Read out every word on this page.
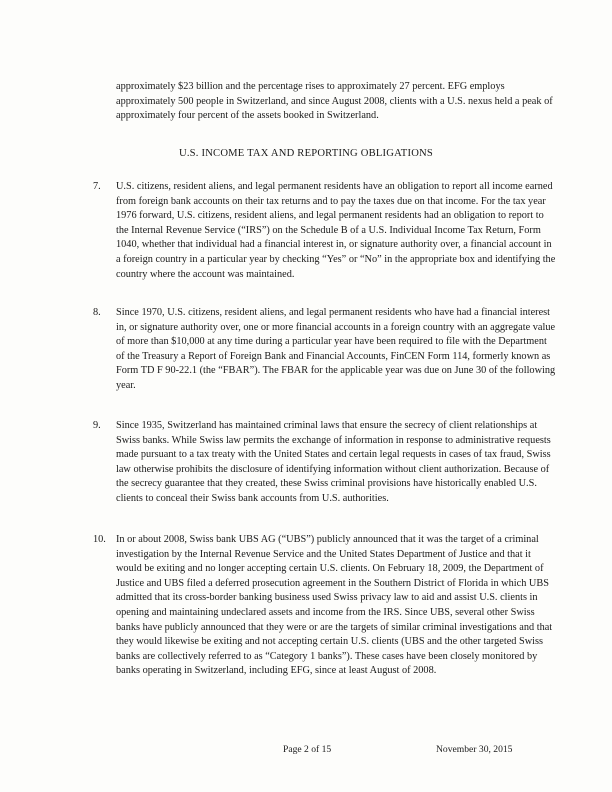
approximately $23 billion and the percentage rises to approximately 27 percent. EFG employs approximately 500 people in Switzerland, and since August 2008, clients with a U.S. nexus held a peak of approximately four percent of the assets booked in Switzerland.

U.S. INCOME TAX AND REPORTING OBLIGATIONS
7.	U.S. citizens, resident aliens, and legal permanent residents have an obligation to report all income earned from foreign bank accounts on their tax returns and to pay the taxes due on that income. For the tax year 1976 forward, U.S. citizens, resident aliens, and legal permanent residents had an obligation to report to the Internal Revenue Service (“IRS”) on the Schedule B of a U.S. Individual Income Tax Return, Form 1040, whether that individual had a financial interest in, or signature authority over, a financial account in a foreign country in a particular year by checking “Yes” or “No” in the appropriate box and identifying the country where the account was maintained.
8.	Since 1970, U.S. citizens, resident aliens, and legal permanent residents who have had a financial interest in, or signature authority over, one or more financial accounts in a foreign country with an aggregate value of more than $10,000 at any time during a particular year have been required to file with the Department of the Treasury a Report of Foreign Bank and Financial Accounts, FinCEN Form 114, formerly known as Form TD F 90-22.1 (the “FBAR”). The FBAR for the applicable year was due on June 30 of the following year.
9.	Since 1935, Switzerland has maintained criminal laws that ensure the secrecy of client relationships at Swiss banks. While Swiss law permits the exchange of information in response to administrative requests made pursuant to a tax treaty with the United States and certain legal requests in cases of tax fraud, Swiss law otherwise prohibits the disclosure of identifying information without client authorization. Because of the secrecy guarantee that they created, these Swiss criminal provisions have historically enabled U.S. clients to conceal their Swiss bank accounts from U.S. authorities.
10. In or about 2008, Swiss bank UBS AG (“UBS”) publicly announced that it was the target of a criminal investigation by the Internal Revenue Service and the United States Department of Justice and that it would be exiting and no longer accepting certain U.S. clients. On February 18, 2009, the Department of Justice and UBS filed a deferred prosecution agreement in the Southern District of Florida in which UBS admitted that its cross-border banking business used Swiss privacy law to aid and assist U.S. clients in opening and maintaining undeclared assets and income from the IRS. Since UBS, several other Swiss banks have publicly announced that they were or are the targets of similar criminal investigations and that they would likewise be exiting and not accepting certain U.S. clients (UBS and the other targeted Swiss banks are collectively referred to as “Category 1 banks”). These cases have been closely monitored by banks operating in Switzerland, including EFG, since at least August of 2008.
Page 2 of 15	November 30, 2015
